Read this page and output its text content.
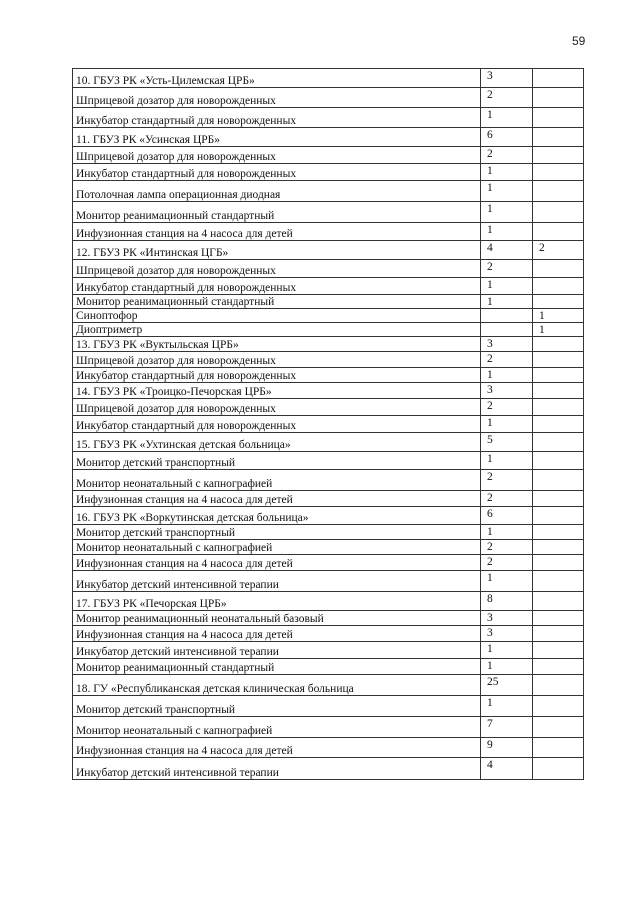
59
10. ГБУЗ РК «Усть-Цилемская ЦРБ»	3	
Шприцевой дозатор для новорожденных	2	
Инкубатор стандартный для новорожденных	1	
11. ГБУЗ РК «Усинская ЦРБ»	6	
Шприцевой дозатор для новорожденных	2	
Инкубатор стандартный для новорожденных	1	
Потолочная лампа операционная диодная	1	
Монитор реанимационный стандартный	1	
Инфузионная станция на 4 насоса для детей	1	
12. ГБУЗ РК «Интинская ЦГБ»	4	2
Шприцевой дозатор для новорожденных	2	
Инкубатор стандартный для новорожденных	1	
Монитор реанимационный стандартный	1	
Синоптофор		1
Диоптриметр		1
13. ГБУЗ РК «Вуктыльская ЦРБ»	3	
Шприцевой дозатор для новорожденных	2	
Инкубатор стандартный для новорожденных	1	
14. ГБУЗ РК «Троицко-Печорская ЦРБ»	3	
Шприцевой дозатор для новорожденных	2	
Инкубатор стандартный для новорожденных	1	
15. ГБУЗ РК «Ухтинская детская больница»	5	
Монитор детский транспортный	1	
Монитор неонатальный с капнографией	2	
Инфузионная станция на 4 насоса для детей	2	
16. ГБУЗ РК «Воркутинская детская больница»	6	
Монитор детский транспортный	1	
Монитор неонатальный с капнографией	2	
Инфузионная станция на 4 насоса для детей	2	
Инкубатор детский интенсивной терапии	1	
17. ГБУЗ РК «Печорская ЦРБ»	8	
Монитор реанимационный неонатальный базовый	3	
Инфузионная станция на 4 насоса для детей	3	
Инкубатор детский интенсивной терапии	1	
Монитор реанимационный стандартный	1	
18. ГУ «Республиканская детская клиническая больница	25	
Монитор детский транспортный	1	
Монитор неонатальный с капнографией	7	
Инфузионная станция на 4 насоса для детей	9	
Инкубатор детский интенсивной терапии	4	
